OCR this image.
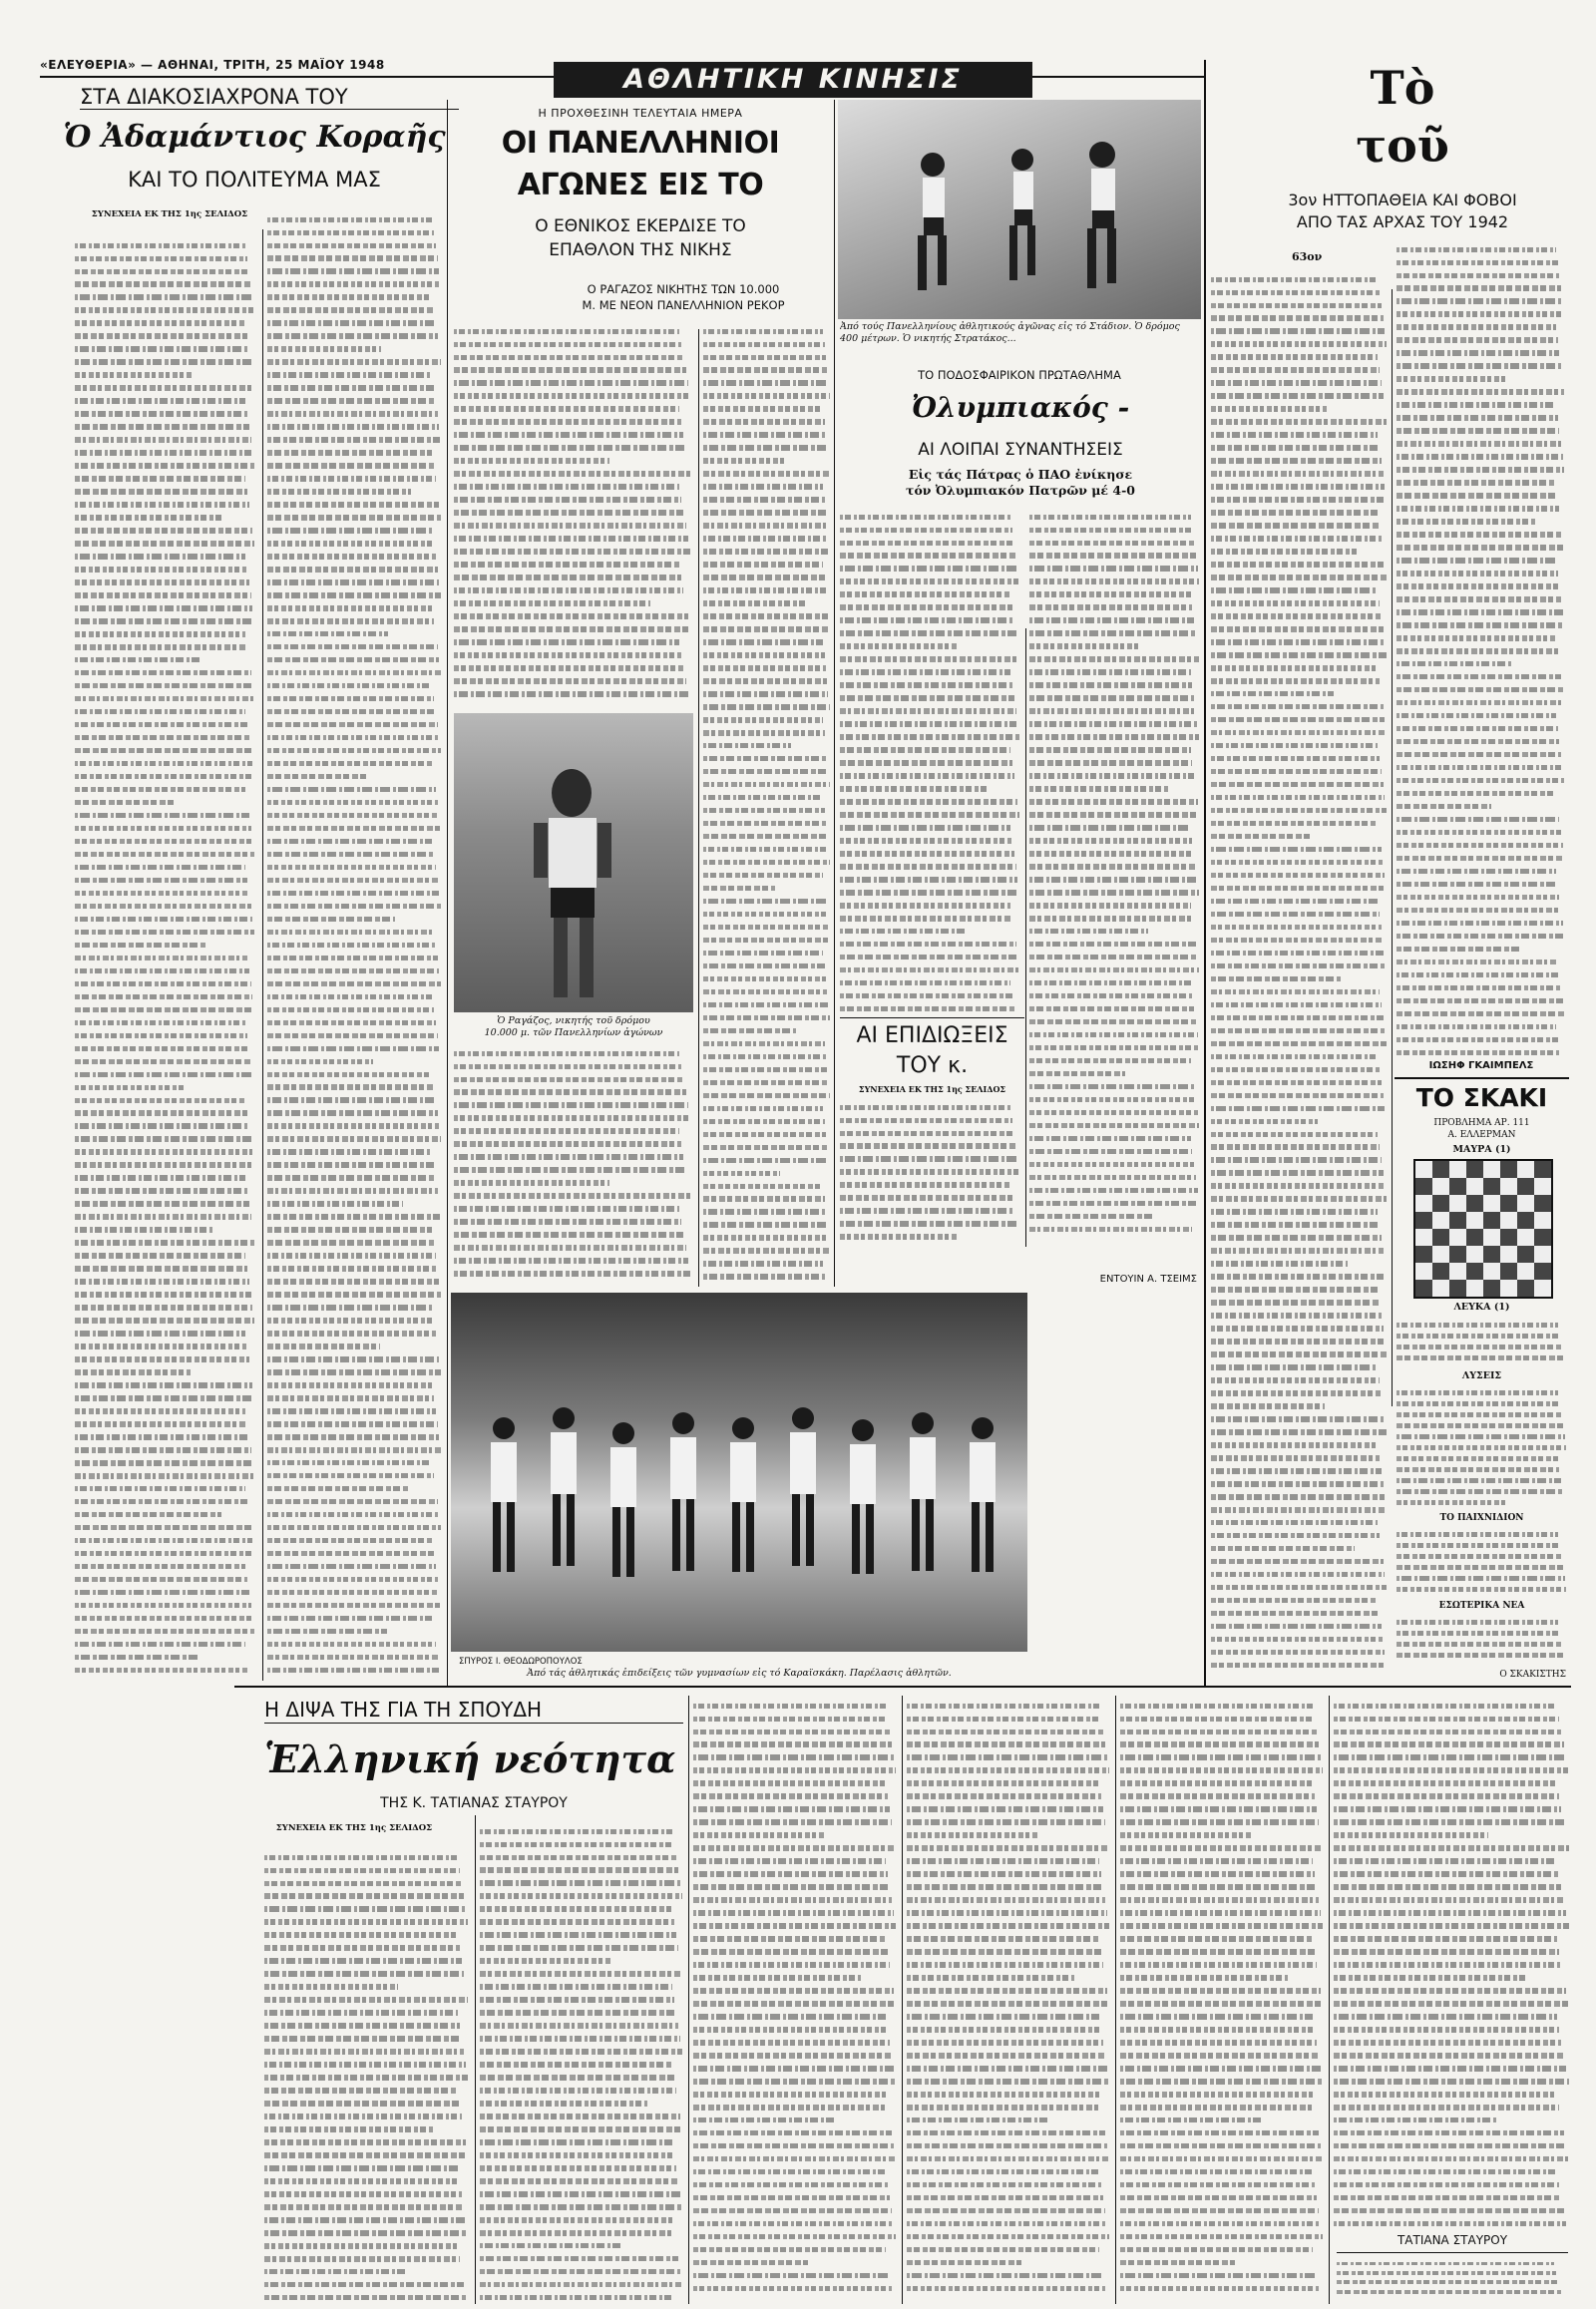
«ΕΛΕΥΘΕΡΙΑ» — ΑΘΗΝΑΙ, ΤΡΙΤΗ, 25 ΜΑΪΟΥ 1948	ΑΘΛΗΤΙΚΗ ΚΙΝΗΣΙΣ
ΣΤΑ ΔΙΑΚΟΣΙΑΧΡΟΝΑ ΤΟΥ
Ὁ Ἀδαμάντιος Κοραῆς
ΚΑΙ ΤΟ ΠΟΛΙΤΕΥΜΑ ΜΑΣ
ΣΥΝΕΧΕΙΑ ΕΚ ΤΗΣ 1ης ΣΕΛΙΔΟΣ
Η ΠΡΟΧΘΕΣΙΝΗ ΤΕΛΕΥΤΑΙΑ ΗΜΕΡΑ
ΟΙ ΠΑΝΕΛΛΗΝΙΟΙ
ΑΓΩΝΕΣ ΕΙΣ ΤΟ
Ο ΕΘΝΙΚΟΣ ΕΚΕΡΔΙΣΕ ΤΟ
ΕΠΑΘΛΟΝ ΤΗΣ ΝΙΚΗΣ
Ο ΡΑΓΑΖΟΣ ΝΙΚΗΤΗΣ ΤΩΝ 10.000
Μ. ΜΕ ΝΕΟΝ ΠΑΝΕΛΛΗΝΙΟΝ ΡΕΚΟΡ
Ὁ Ραγάζος, νικητής τοῦ δρόμου
10.000 μ. τῶν Πανελληνίων ἀγώνων
Ἀπό τούς Πανελληνίους ἀθλητικούς ἀγῶνας εἰς τό Στάδιον. Ὁ δρόμος 400 μέτρων. Ὁ νικητής Στρατάκος...
ΤΟ ΠΟΔΟΣΦΑΙΡΙΚΟΝ ΠΡΩΤΑΘΛΗΜΑ
Ὀλυμπιακός -
ΑΙ ΛΟΙΠΑΙ ΣΥΝΑΝΤΗΣΕΙΣ
Εἰς τάς Πάτρας ὁ ΠΑΟ ἐνίκησε
τόν Ὀλυμπιακόν Πατρῶν μέ 4-0
ΑΙ ΕΠΙΔΙΩΞΕΙΣ
ΤΟΥ κ.
ΣΥΝΕΧΕΙΑ ΕΚ ΤΗΣ 1ης ΣΕΛΙΔΟΣ
ΕΝΤΟΥΙΝ Α. ΤΣΕΙΜΣ
ΣΠΥΡΟΣ Ι. ΘΕΟΔΩΡΟΠΟΥΛΟΣ
Ἀπό τάς ἀθλητικάς ἐπιδείξεις τῶν γυμνασίων εἰς τό Καραϊσκάκη. Παρέλασις ἀθλητῶν.
Τὸ
τοῦ
3ον ΗΤΤΟΠΑΘΕΙΑ ΚΑΙ ΦΟΒΟΙ
ΑΠΟ ΤΑΣ ΑΡΧΑΣ ΤΟΥ 1942
63ον
ΙΩΣΗΦ ΓΚΑΙΜΠΕΛΣ
ΤΟ ΣΚΑΚΙ
ΠΡΟΒΛΗΜΑ ΑΡ. 111
Α. ΕΛΛΕΡΜΑΝ
ΜΑΥΡΑ (1)
ΛΕΥΚΑ (1)
ΛΥΣΕΙΣ
ΤΟ ΠΑΙΧΝΙΔΙΟΝ
ΕΣΩΤΕΡΙΚΑ ΝΕΑ
Ο ΣΚΑΚΙΣΤΗΣ
Η ΔΙΨΑ ΤΗΣ ΓΙΑ ΤΗ ΣΠΟΥΔΗ
Ἑλληνική νεότητα
ΤΗΣ Κ. ΤΑΤΙΑΝΑΣ ΣΤΑΥΡΟΥ
ΣΥΝΕΧΕΙΑ ΕΚ ΤΗΣ 1ης ΣΕΛΙΔΟΣ
ΤΑΤΙΑΝΑ ΣΤΑΥΡΟΥ
